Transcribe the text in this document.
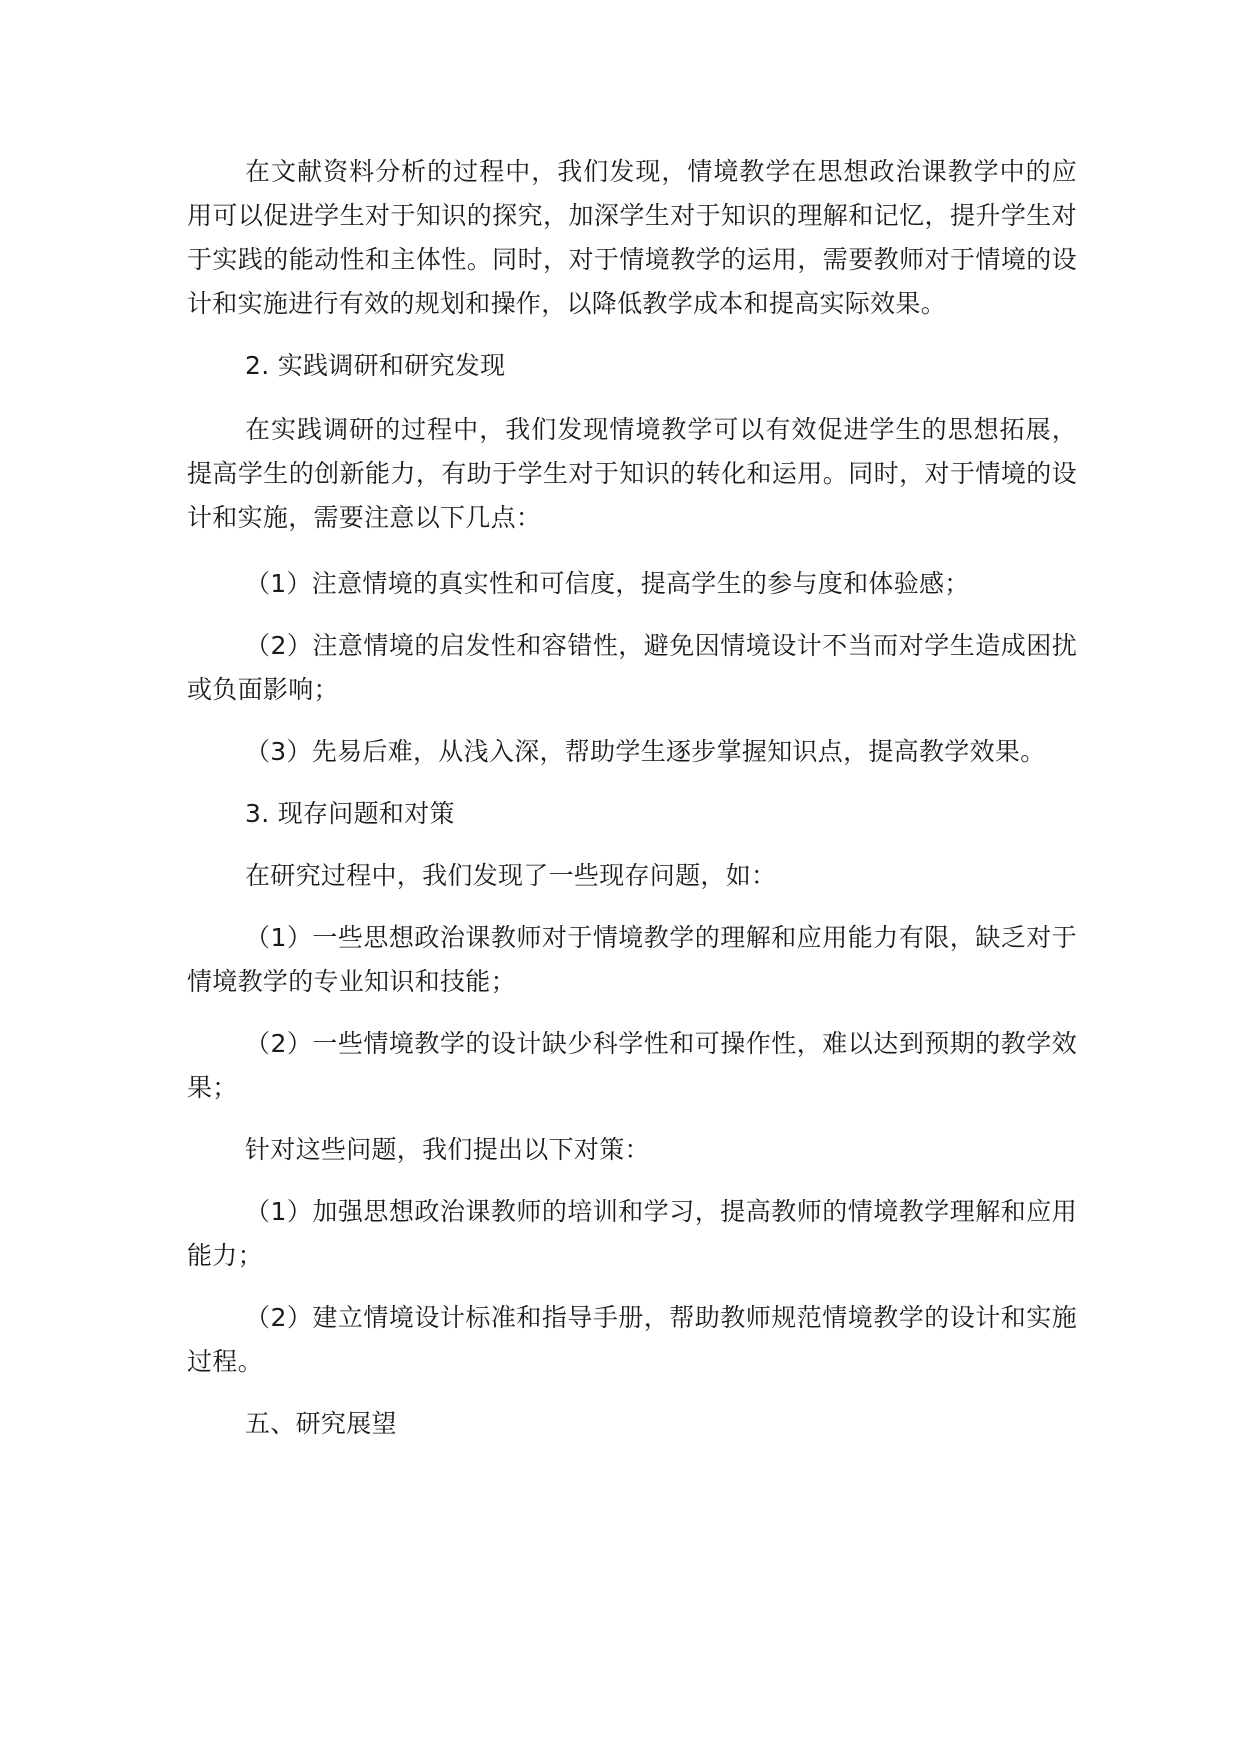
在文献资料分析的过程中，我们发现，情境教学在思想政治课教学中的应用可以促进学生对于知识的探究，加深学生对于知识的理解和记忆，提升学生对于实践的能动性和主体性。同时，对于情境教学的运用，需要教师对于情境的设计和实施进行有效的规划和操作，以降低教学成本和提高实际效果。

2. 实践调研和研究发现

在实践调研的过程中，我们发现情境教学可以有效促进学生的思想拓展，提高学生的创新能力，有助于学生对于知识的转化和运用。同时，对于情境的设计和实施，需要注意以下几点：

（1）注意情境的真实性和可信度，提高学生的参与度和体验感；

（2）注意情境的启发性和容错性，避免因情境设计不当而对学生造成困扰或负面影响；

（3）先易后难，从浅入深，帮助学生逐步掌握知识点，提高教学效果。

3. 现存问题和对策

在研究过程中，我们发现了一些现存问题，如：

（1）一些思想政治课教师对于情境教学的理解和应用能力有限，缺乏对于情境教学的专业知识和技能；

（2）一些情境教学的设计缺少科学性和可操作性，难以达到预期的教学效果；

针对这些问题，我们提出以下对策：

（1）加强思想政治课教师的培训和学习，提高教师的情境教学理解和应用能力；

（2）建立情境设计标准和指导手册，帮助教师规范情境教学的设计和实施过程。

五、研究展望
